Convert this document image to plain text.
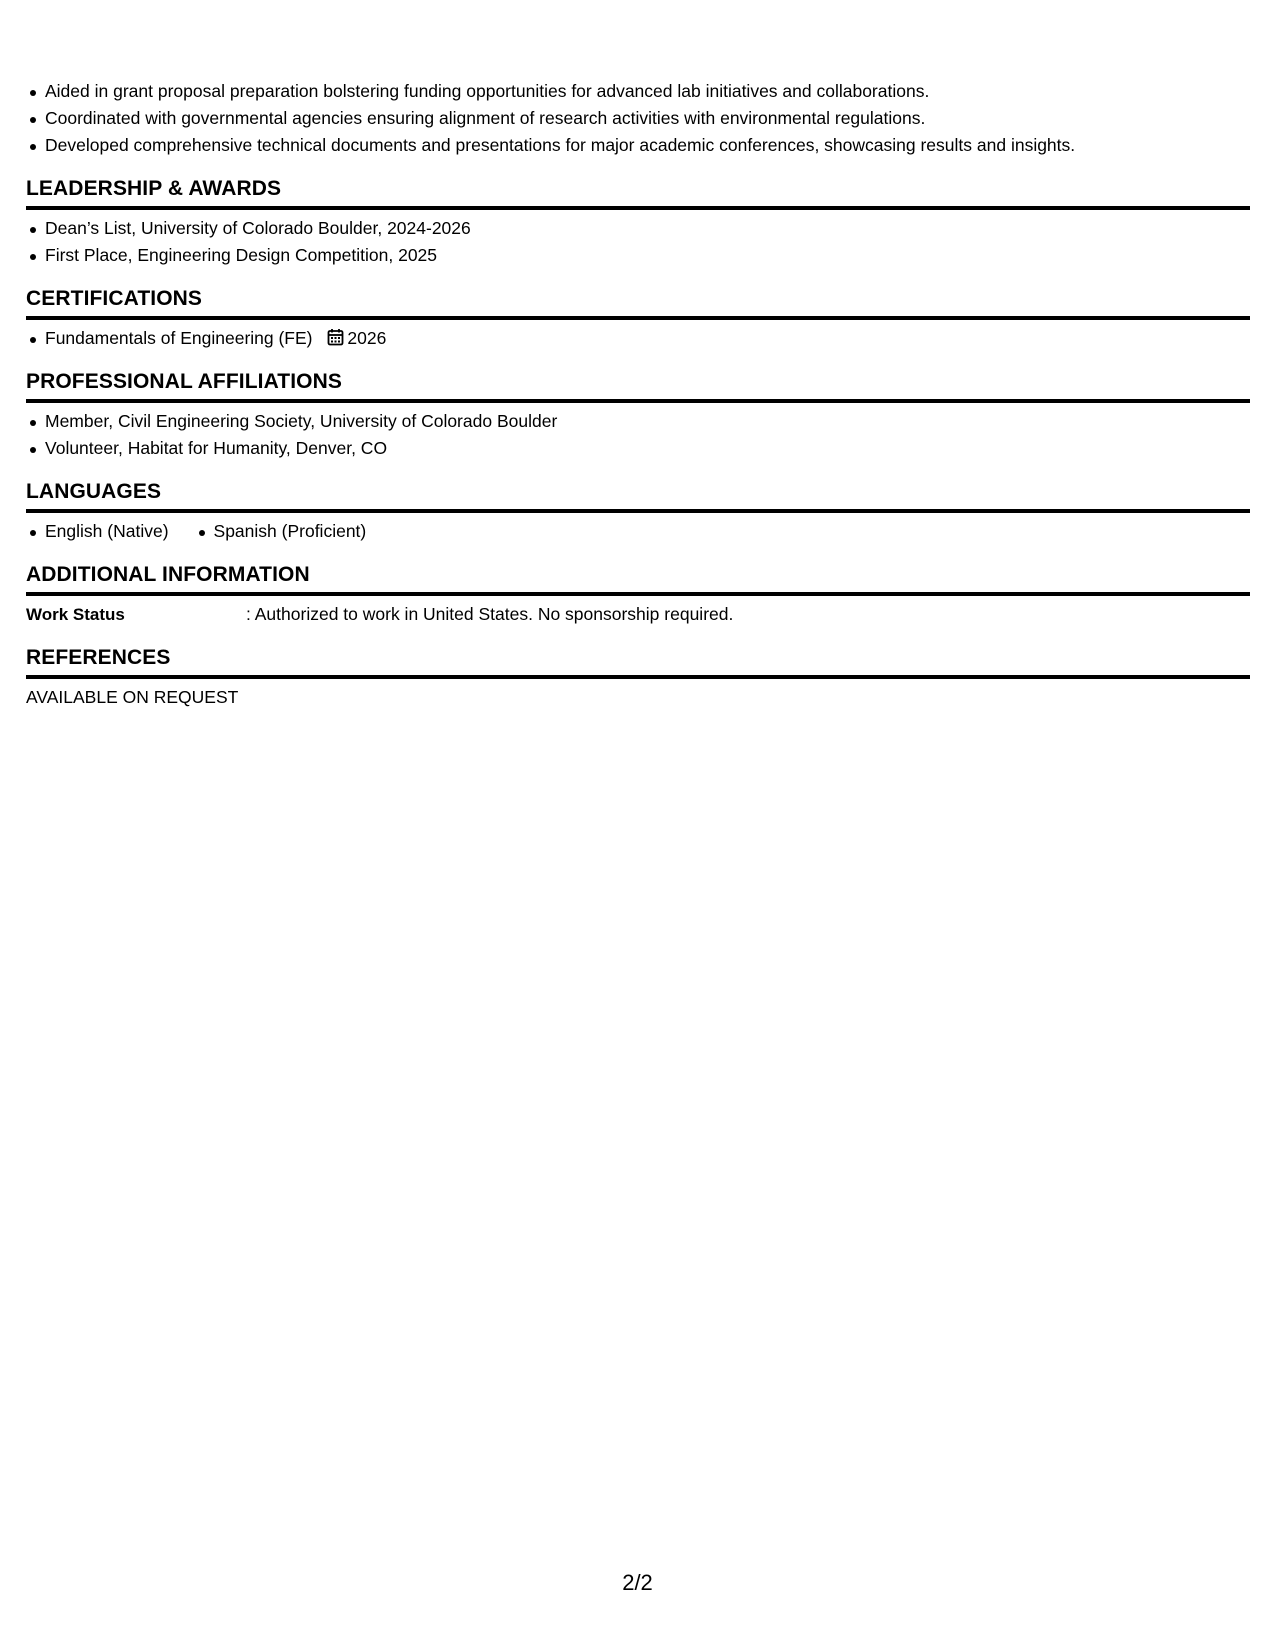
Aided in grant proposal preparation bolstering funding opportunities for advanced lab initiatives and collaborations.
Coordinated with governmental agencies ensuring alignment of research activities with environmental regulations.
Developed comprehensive technical documents and presentations for major academic conferences, showcasing results and insights.
LEADERSHIP & AWARDS
Dean’s List, University of Colorado Boulder, 2024-2026
First Place, Engineering Design Competition, 2025
CERTIFICATIONS
Fundamentals of Engineering (FE) 2026
PROFESSIONAL AFFILIATIONS
Member, Civil Engineering Society, University of Colorado Boulder
Volunteer, Habitat for Humanity, Denver, CO
LANGUAGES
English (Native)	Spanish (Proficient)
ADDITIONAL INFORMATION
Work Status	: Authorized to work in United States. No sponsorship required.
REFERENCES
AVAILABLE ON REQUEST
2/2
